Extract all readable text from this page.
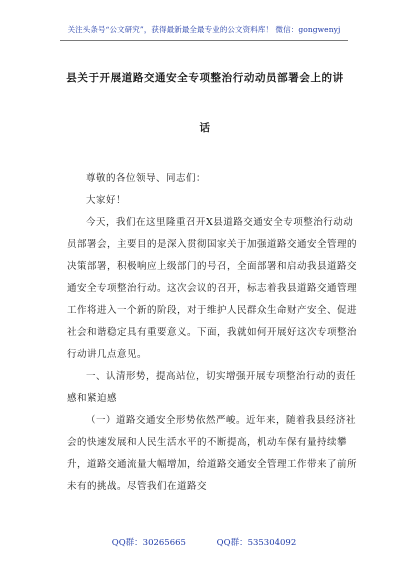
关注头条号“公文研究”，获得最新最全最专业的公文资料库！ 微信：gongwenyj
县关于开展道路交通安全专项整治行动动员部署会上的讲
话

尊敬的各位领导、同志们：

大家好！

今天，我们在这里隆重召开X县道路交通安全专项整治行动动员部署会，主要目的是深入贯彻国家关于加强道路交通安全管理的决策部署，积极响应上级部门的号召，全面部署和启动我县道路交通安全专项整治行动。这次会议的召开，标志着我县道路交通管理工作将进入一个新的阶段，对于维护人民群众生命财产安全、促进社会和谐稳定具有重要意义。下面，我就如何开展好这次专项整治行动讲几点意见。

一、认清形势，提高站位，切实增强开展专项整治行动的责任感和紧迫感

（一）道路交通安全形势依然严峻。近年来，随着我县经济社会的快速发展和人民生活水平的不断提高，机动车保有量持续攀升，道路交通流量大幅增加，给道路交通安全管理工作带来了前所未有的挑战。尽管我们在道路交

QQ群：30265665	QQ群：535304092
